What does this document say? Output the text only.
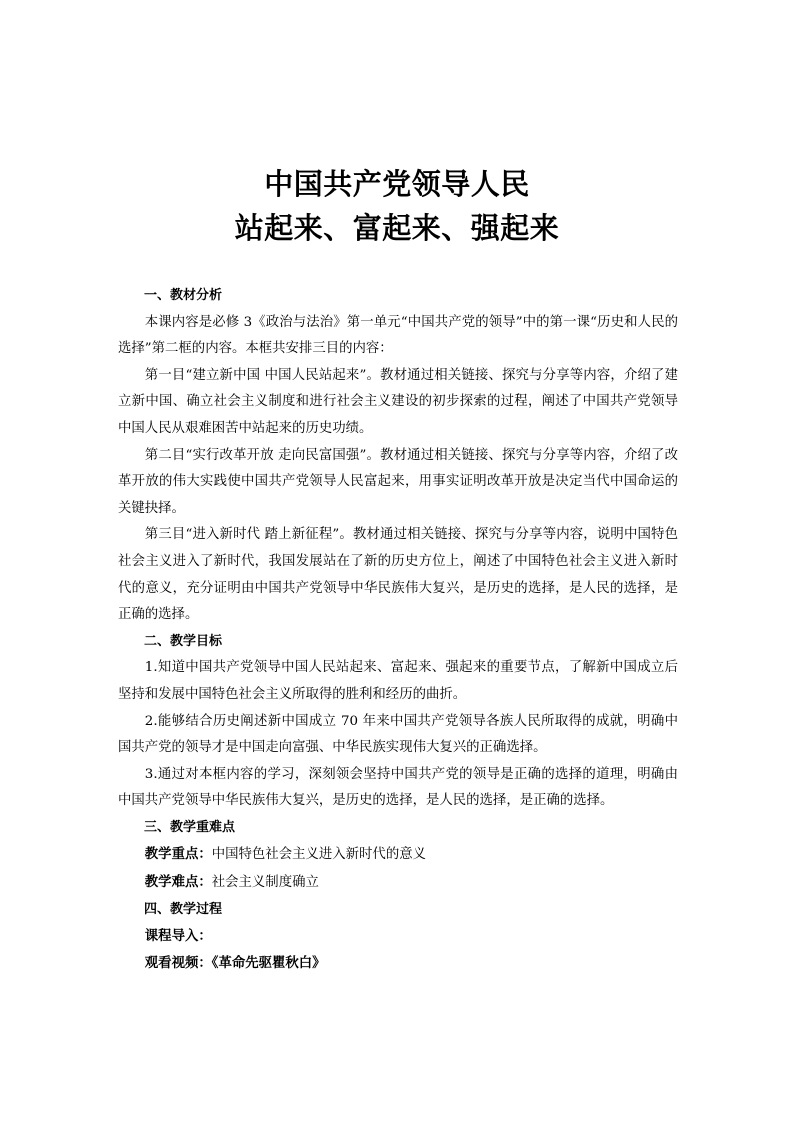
中国共产党领导人民
站起来、富起来、强起来

一、教材分析

本课内容是必修 3《政治与法治》第一单元“中国共产党的领导”中的第一课“历史和人民的选择”第二框的内容。本框共安排三目的内容：

第一目“建立新中国 中国人民站起来”。教材通过相关链接、探究与分享等内容，介绍了建立新中国、确立社会主义制度和进行社会主义建设的初步探索的过程，阐述了中国共产党领导中国人民从艰难困苦中站起来的历史功绩。

第二目“实行改革开放 走向民富国强”。教材通过相关链接、探究与分享等内容，介绍了改革开放的伟大实践使中国共产党领导人民富起来，用事实证明改革开放是决定当代中国命运的关键抉择。

第三目“进入新时代 踏上新征程”。教材通过相关链接、探究与分享等内容，说明中国特色社会主义进入了新时代，我国发展站在了新的历史方位上，阐述了中国特色社会主义进入新时代的意义，充分证明由中国共产党领导中华民族伟大复兴，是历史的选择，是人民的选择，是正确的选择。

二、教学目标

1.知道中国共产党领导中国人民站起来、富起来、强起来的重要节点，了解新中国成立后坚持和发展中国特色社会主义所取得的胜利和经历的曲折。

2.能够结合历史阐述新中国成立 70 年来中国共产党领导各族人民所取得的成就，明确中国共产党的领导才是中国走向富强、中华民族实现伟大复兴的正确选择。

3.通过对本框内容的学习，深刻领会坚持中国共产党的领导是正确的选择的道理，明确由中国共产党领导中华民族伟大复兴，是历史的选择，是人民的选择，是正确的选择。

三、教学重难点

教学重点：中国特色社会主义进入新时代的意义

教学难点：社会主义制度确立

四、教学过程

课程导入：

观看视频：《革命先驱瞿秋白》
